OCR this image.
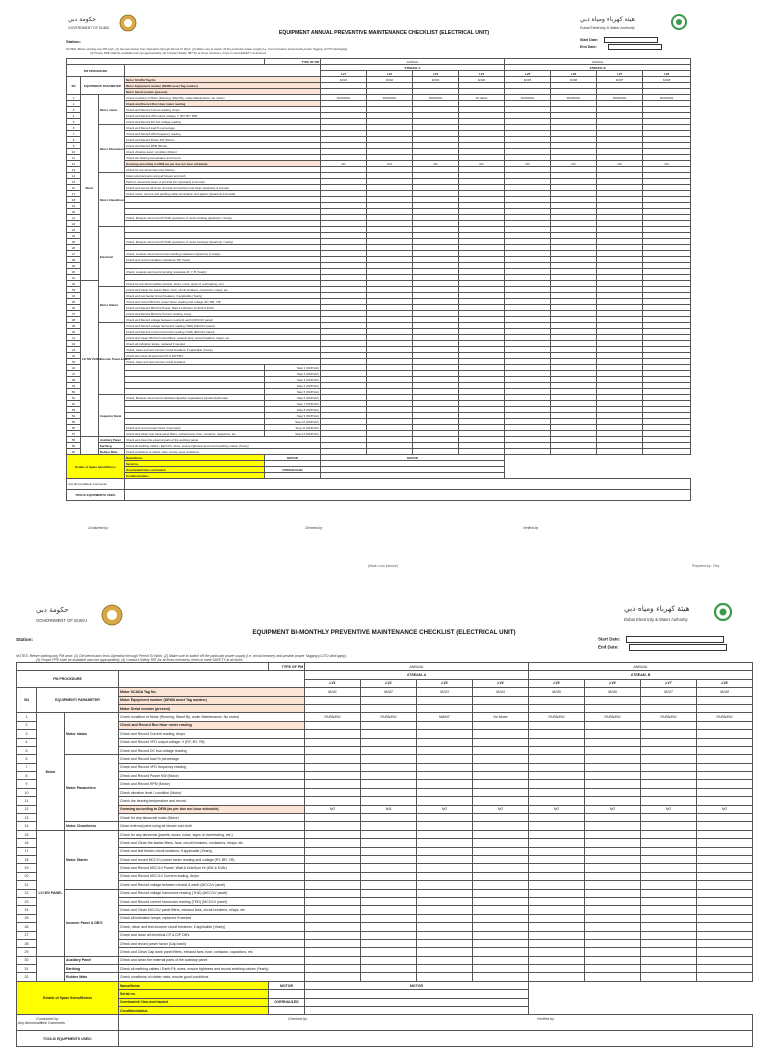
حكومة دبي
GOVERNMENT OF DUBAI
هيئة كهرباء ومياه دبي
Dubai Electricity & Water Authority
EQUIPMENT ANNUAL PREVENTIVE MAINTENANCE CHECKLIST (ELECTRICAL UNIT)
Station:	Start Date:
End Date:
NOTES: Before starting any PM work: (1) Get permission from Operation through Permit To Work. (2) Make sure to switch off the particular power supply (i.e. circuit breaker) and provide proper Tagging (LOTO diod'apply).
(3) Proper PPE shall be available and use appropriately. (4) Conduct Safety TBT for at times members, times in mind SAFETY at all times
				TYPE OF PM	ANNUAL				ANNUAL			
PM PROCEDURE					STREAM- A				STREAM- B			
					LV1	LV2	LV3	LV4	LV5	LV6	LV7	LV8
SN	EQUIPMENT/ PARAMETER		Motor SCADA Tag No.		M101	M102	M103	M104	M105	M106	M107	M108
			Motor Equipment number (DEWA asset Tag number)									
			Motor Serial number (present)									
1	Motor	Motor status	Check condition of Motor (Running, Stand By, under Maintenance, No motor)		RUNNING	RUNNING	RUNNING	No Motor	RUNNING	RUNNING	RUNNING	RUNNING
2			Check and Record Run Hour meter reading									
3			Check and Record Current reading, Amps									
4			Check and Record VFD output voltage, V (R/Y B/Y R/B)									
5			Check and Record DC bus voltage reading									
6		Motor Parameters	Check and Record load % percentage									
7			Check and Record VFD frequency reading									
8			Check and Record Power KW (Motor)									
9			Check and Record RPM (Motor)									
10			Check vibration level / condition (Motor)									
11			Check the bearing temperature and record									
12			Greasing according to DEW (as per due run hour schedule)		NO	N/A	NO	NO	NO	NO	NO	NO
13			Check for any abnormal noise (Motor)									
14		Motor Cleanliness	Clean external parts using air blower and cloth									
15			Perform visual and clean of terminal box (Quarterly & Annual)									
16			Check and secure all motor terminal connections and clean (Quarterly & Annual)									
17			Check motor, remove and earthing cable termination and tighten (Quarterly & Annual)									
18												
19												
20												
21			Check, Measure and record PT100 resistance of motor winding (Quarterly / Yearly)									
22												
23		Electrical										
24												
25			Check, Measure and record PT100 resistance of motor bearings (Quarterly / Yearly)									
26												
27			Check, measure and record motor winding resistance (Quarterly & Yearly)									
28			Check and record insulation resistance (PI) Yearly									
29												
30			Check, measure and record winding resistance R, Y, B (Yearly)									
31												
32	LV/ MV PANEL		Check for any abnormalities (panels, doors, noise, signs of overheating, etc.)									
33		Motor Starter	Check and Clean the starter filters, fans, circuit breakers, contactors, relays, etc									
34			Check and test feeder circuit breakers, if applicable (Yearly)									
35			Check and record MCC/LV power factor reading and voltage (RY, BR, YB)									
36			Check and Record MCC/LV Power, Watt & kVarSum Hr (KW & KVAr)									
37			Check and Record MCC/LV Current reading, Amps									
38			Check and Record voltage between neutral & earth (MCC/LV panel)									
39		Incomer Panel & DB'S	Check and Record voltage harmonics reading (THD) (MCC/LV panel)									
40			Check and Record current harmonics reading (THD) (MCC/LV panel)									
41			Check and Clean MCC/LV panel filters, exhaust fans, circuit breakers, relays, etc									
42			Check all indication lamps, replaced if needed									
43			Check, clean and test incomer circuit breakers, if applicable (Yearly)									
44			Check and clean all electrical CP & D/P DB's									
45			Check, clean and test incomer circuit breakers									
46				Step 1 (KF/KVAr)								
47				Step 2 (KF/KVAr)								
48				Step 3 (KF/KVAr)								
49				Step 4 (KF/KVAr)								
50				Step 5 (KF/KVAr)								
51		Capacitor Bank	Check, Measure and record individual capacitor capacitance (Quarterly/Annual)	Step 6 (KF/KVAr)								
52				Step 7 (KF/KVAr)								
53				Step 8 (KF/KVAr)								
54				Step 9 (KF/KVAr)								
55				Step 10 (KF/KVAr)								
56			Check and record power factor (Cap bank)	Step 11 (KF/KVAr)								
57			Check and Clean Cap bank panel filters, exhaust fans, fuse, contactor, capacitors, etc	Step 12 (KF/KVAr)								
58		Auxiliary Panel	Check and clean the external parts of the auxiliary panel									
59		Earthing	Check all earthing cables / Earth Pit, wires, ensure tightness and record earthing values (Yearly)									
60		Rubber Mats	Check conditions of rubber mats, ensure good conditions									
Details of Spare Items/Motors			Name/Items	MOTOR	MOTOR							
			Serial no.									
			Overhauled/ Non-overhauled	OVERHAULED								
			Condition/status									
Any Abnormalities/ Comments												
TOOLS/ EQUIPMENTS USED:												
Conducted by:	Checked by:	Verified by:
(Mark: Low Income)	Prepared by : Rey
حكومة دبي
GOVERNMENT OF DUBAI
هيئة كهرباء ومياه دبي
Dubai Electricity & Water Authority
EQUIPMENT BI-MONTHLY PREVENTIVE MAINTENANCE CHECKLIST (ELECTRICAL UNIT)
Station:	Start Date:
End Date:
NOTES: Before starting any PM work: (1) Get permission from Operation through Permit To Work. (2) Make sure to switch off the particular power supply (i.e. circuit breaker) and provide proper Tagging (LOTO diod'apply).
(3) Proper PPE shall be available and use appropriately. (4) Conduct Safety TBT for at times members, times in mind SAFETY at all times
				TYPE OF PM	ANNUAL				ANNUAL			
PM PROCEDURE					STREAM- A				STREAM- B			
					LV1	LV2	LV3	LV4	LV5	LV6	LV7	LV8
SN	EQUIPMENT/ PARAMETER		Motor SCADA Tag No.		M101	M102	M103	M104	M105	M106	M107	M108
			Motor Equipment number (DEWA asset Tag number)									
			Motor Serial number (present)									
1	Motor	Motor status	Check condition of Motor (Running, Stand By, under Maintenance, No motor)		RUNNING	RUNNING	MAINT	No Motor	RUNNING	RUNNING	RUNNING	RUNNING
2			Check and Record Run Hour meter reading									
3			Check and Record Current reading, Amps									
4			Check and Record VFD output voltage, V (RY, BY, YB)									
5			Check and Record DC bus voltage reading									
6		Motor Parameters	Check and Record load % percentage									
7			Check and Record VFD frequency reading									
8			Check and Record Power KW (Motor)									
9			Check and Record RPM (Motor)									
10			Check vibration level / condition (Motor)									
11			Check the bearing temperature and record									
12			Greasing according to DEW (as per due run hour schedule)		NO	N/A	NO	NO	NO	NO	NO	NO
13			Check for any abnormal noise (Motor)									
14		Motor Cleanliness	Clean external parts using air blower and cloth									
15	LV/ MV PANEL	Motor Starter	Check for any abnormal (panels, doors, noise, signs of overheating, etc.)									
16			Check and Clean the starter filters, fans, circuit breakers, contactors, relays, etc									
17			Check and test feeder circuit breakers, if applicable (Yearly)									
18			Check and record MCC/LV power factor reading and voltage (RY, BR, YB)									
19			Check and Record MCC/LV Power, Watt & kVarSum Hr (KW & KVAr)									
20			Check and Record MCC/LV Current reading, Amps									
21			Check and Record voltage between neutral & earth (MCC/LV panel)									
22		Incomer Panel & DB'S	Check and Record voltage harmonics reading (THD) (MCC/LV panel)									
23			Check and Record current harmonics reading (THD) (MCC/LV panel)									
24			Check and Clean MCC/LV panel filters, exhaust fans, circuit breakers, relays, etc									
25			Check all indication lamps, replaced if needed									
26			Check, clean and test incomer circuit breakers, if applicable (Yearly)									
27			Check and clean all electrical CP & D/P DB's									
28			Check and record power factor (Cap bank)									
29			Check and Clean Cap bank panel filters, exhaust fans, fuse, contactor, capacitors, etc									
30		Auxiliary Panel	Check and clean the external parts of the auxiliary panel									
31		Earthing	Check all earthing cables / Earth Pit, wires, ensure tightness and record earthing values (Yearly)									
32		Rubber Mats	Check conditions of rubber mats, ensure good conditions									
Details of Spare Items/Motors			Name/Items	MOTOR	MOTOR							
			Serial no.									
			Overhauled/ Non-overhauled	OVERHAULED								
			Condition/status									
Any Abnormalities/ Comments												
TOOLS/ EQUIPMENTS USED:												
Conducted by:	Checked by:	Verified by:
